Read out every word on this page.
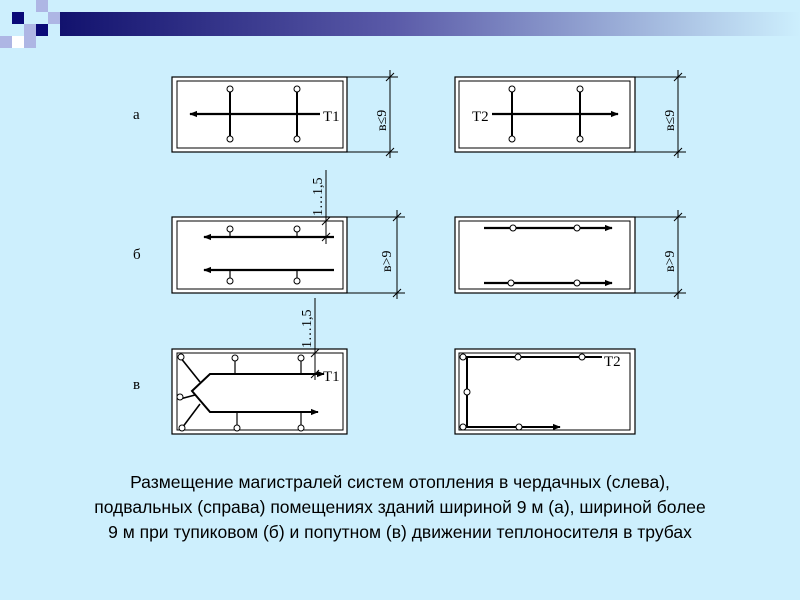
а
б
в
Т1	в≤9	Т2	в≤9
1…1,5
в>9	в>9
Т1
1…1,5
Т2
Размещение магистралей систем отопления в чердачных (слева),
подвальных (справа) помещениях зданий шириной 9 м (а), шириной более
9 м при тупиковом (б) и попутном (в) движении теплоносителя в трубах
